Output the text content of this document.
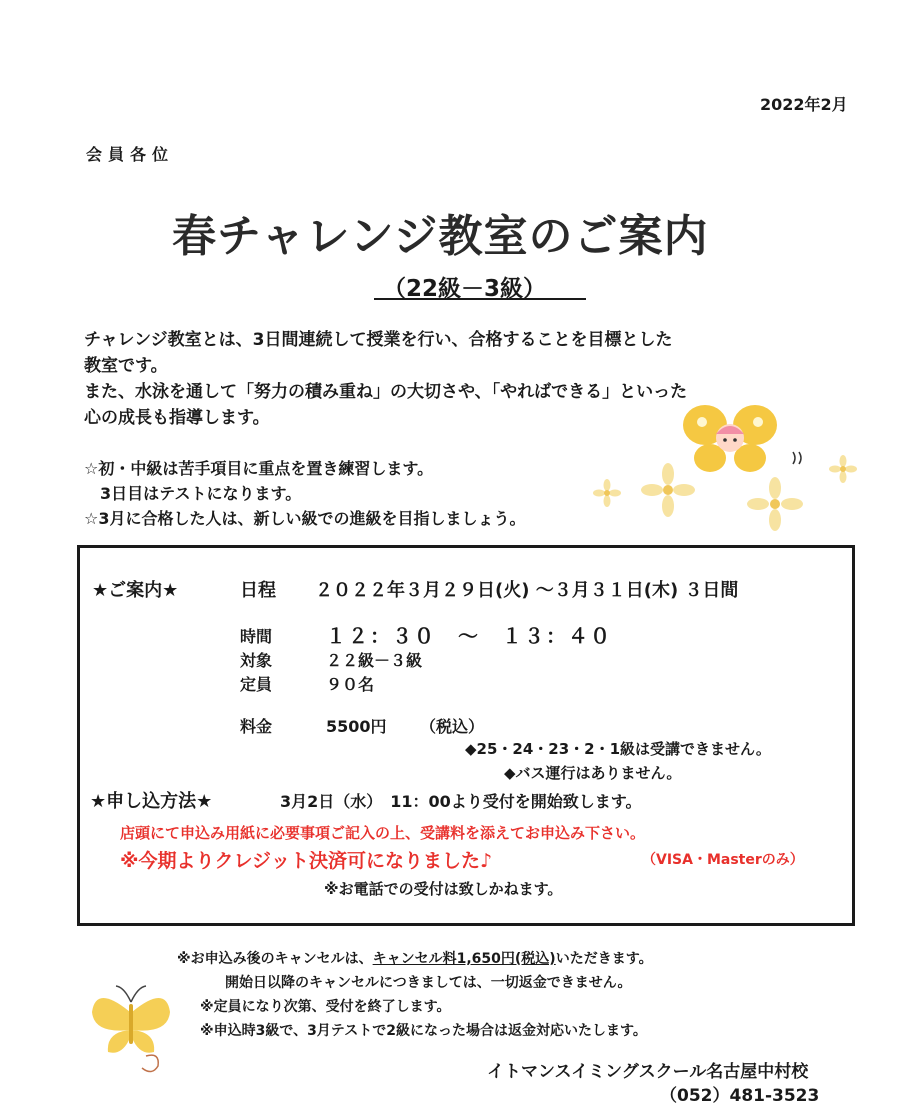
2022年2月
会員各位
春チャレンジ教室のご案内
（22級－3級）
チャレンジ教室とは、3日間連続して授業を行い、合格することを目標とした
教室です。
また、水泳を通して「努力の積み重ね」の大切さや、「やればできる」といった
心の成長も指導します。
☆初・中級は苦手項目に重点を置き練習します。
　3日目はテストになります。
☆3月に合格した人は、新しい級での進級を目指しましょう。
★ご案内★	日程 ２０２２年３月２９日(火) ～３月３１日(木) ３日間
時間	１２：３０　～　１３：４０
対象	２２級－３級
定員	９０名
料金	5500円 （税込）
◆25・24・23・2・1級は受講できません。
◆バス運行はありません。
★申し込方法★	3月2日（水）　11：00より受付を開始致します。
店頭にて申込み用紙に必要事項ご記入の上、受講料を添えてお申込み下さい。
※今期よりクレジット決済可になりました♪	（VISA・Masterのみ）
※お電話での受付は致しかねます。
※お申込み後のキャンセルは、キャンセル料1,650円(税込)いただきます。
開始日以降のキャンセルにつきましては、一切返金できません。
※定員になり次第、受付を終了します。
※申込時3級で、3月テストで2級になった場合は返金対応いたします。
イトマンスイミングスクール名古屋中村校
（052）481-3523
